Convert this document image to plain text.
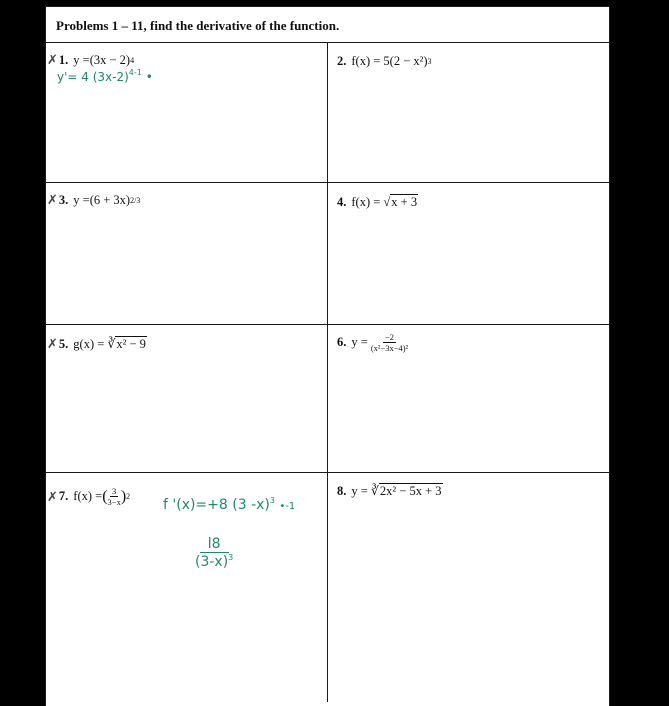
Problems 1 – 11, find the derivative of the function.
✗ 1. y = (3x − 2) 4
y'= 4 $(3x-2)^{4-1}$ •
2. f(x) = 5 (2 − x²) 3
✗ 3. y = (6 + 3x) 2/3	4. f(x) = √ x + 3
✗ 5. g(x) = ∛ x² − 9	6. $y = \frac{-2}{\text{(x²−3x−4)²}}$
✗ 7. f(x) = ( $\frac{3}{3-x}$ ) 2
f '(x)=+8 (3 -x)$^3$ •-1
$\frac{l8}{(3-x)^3}$
8. y = ∛ 2x² − 5x + 3
